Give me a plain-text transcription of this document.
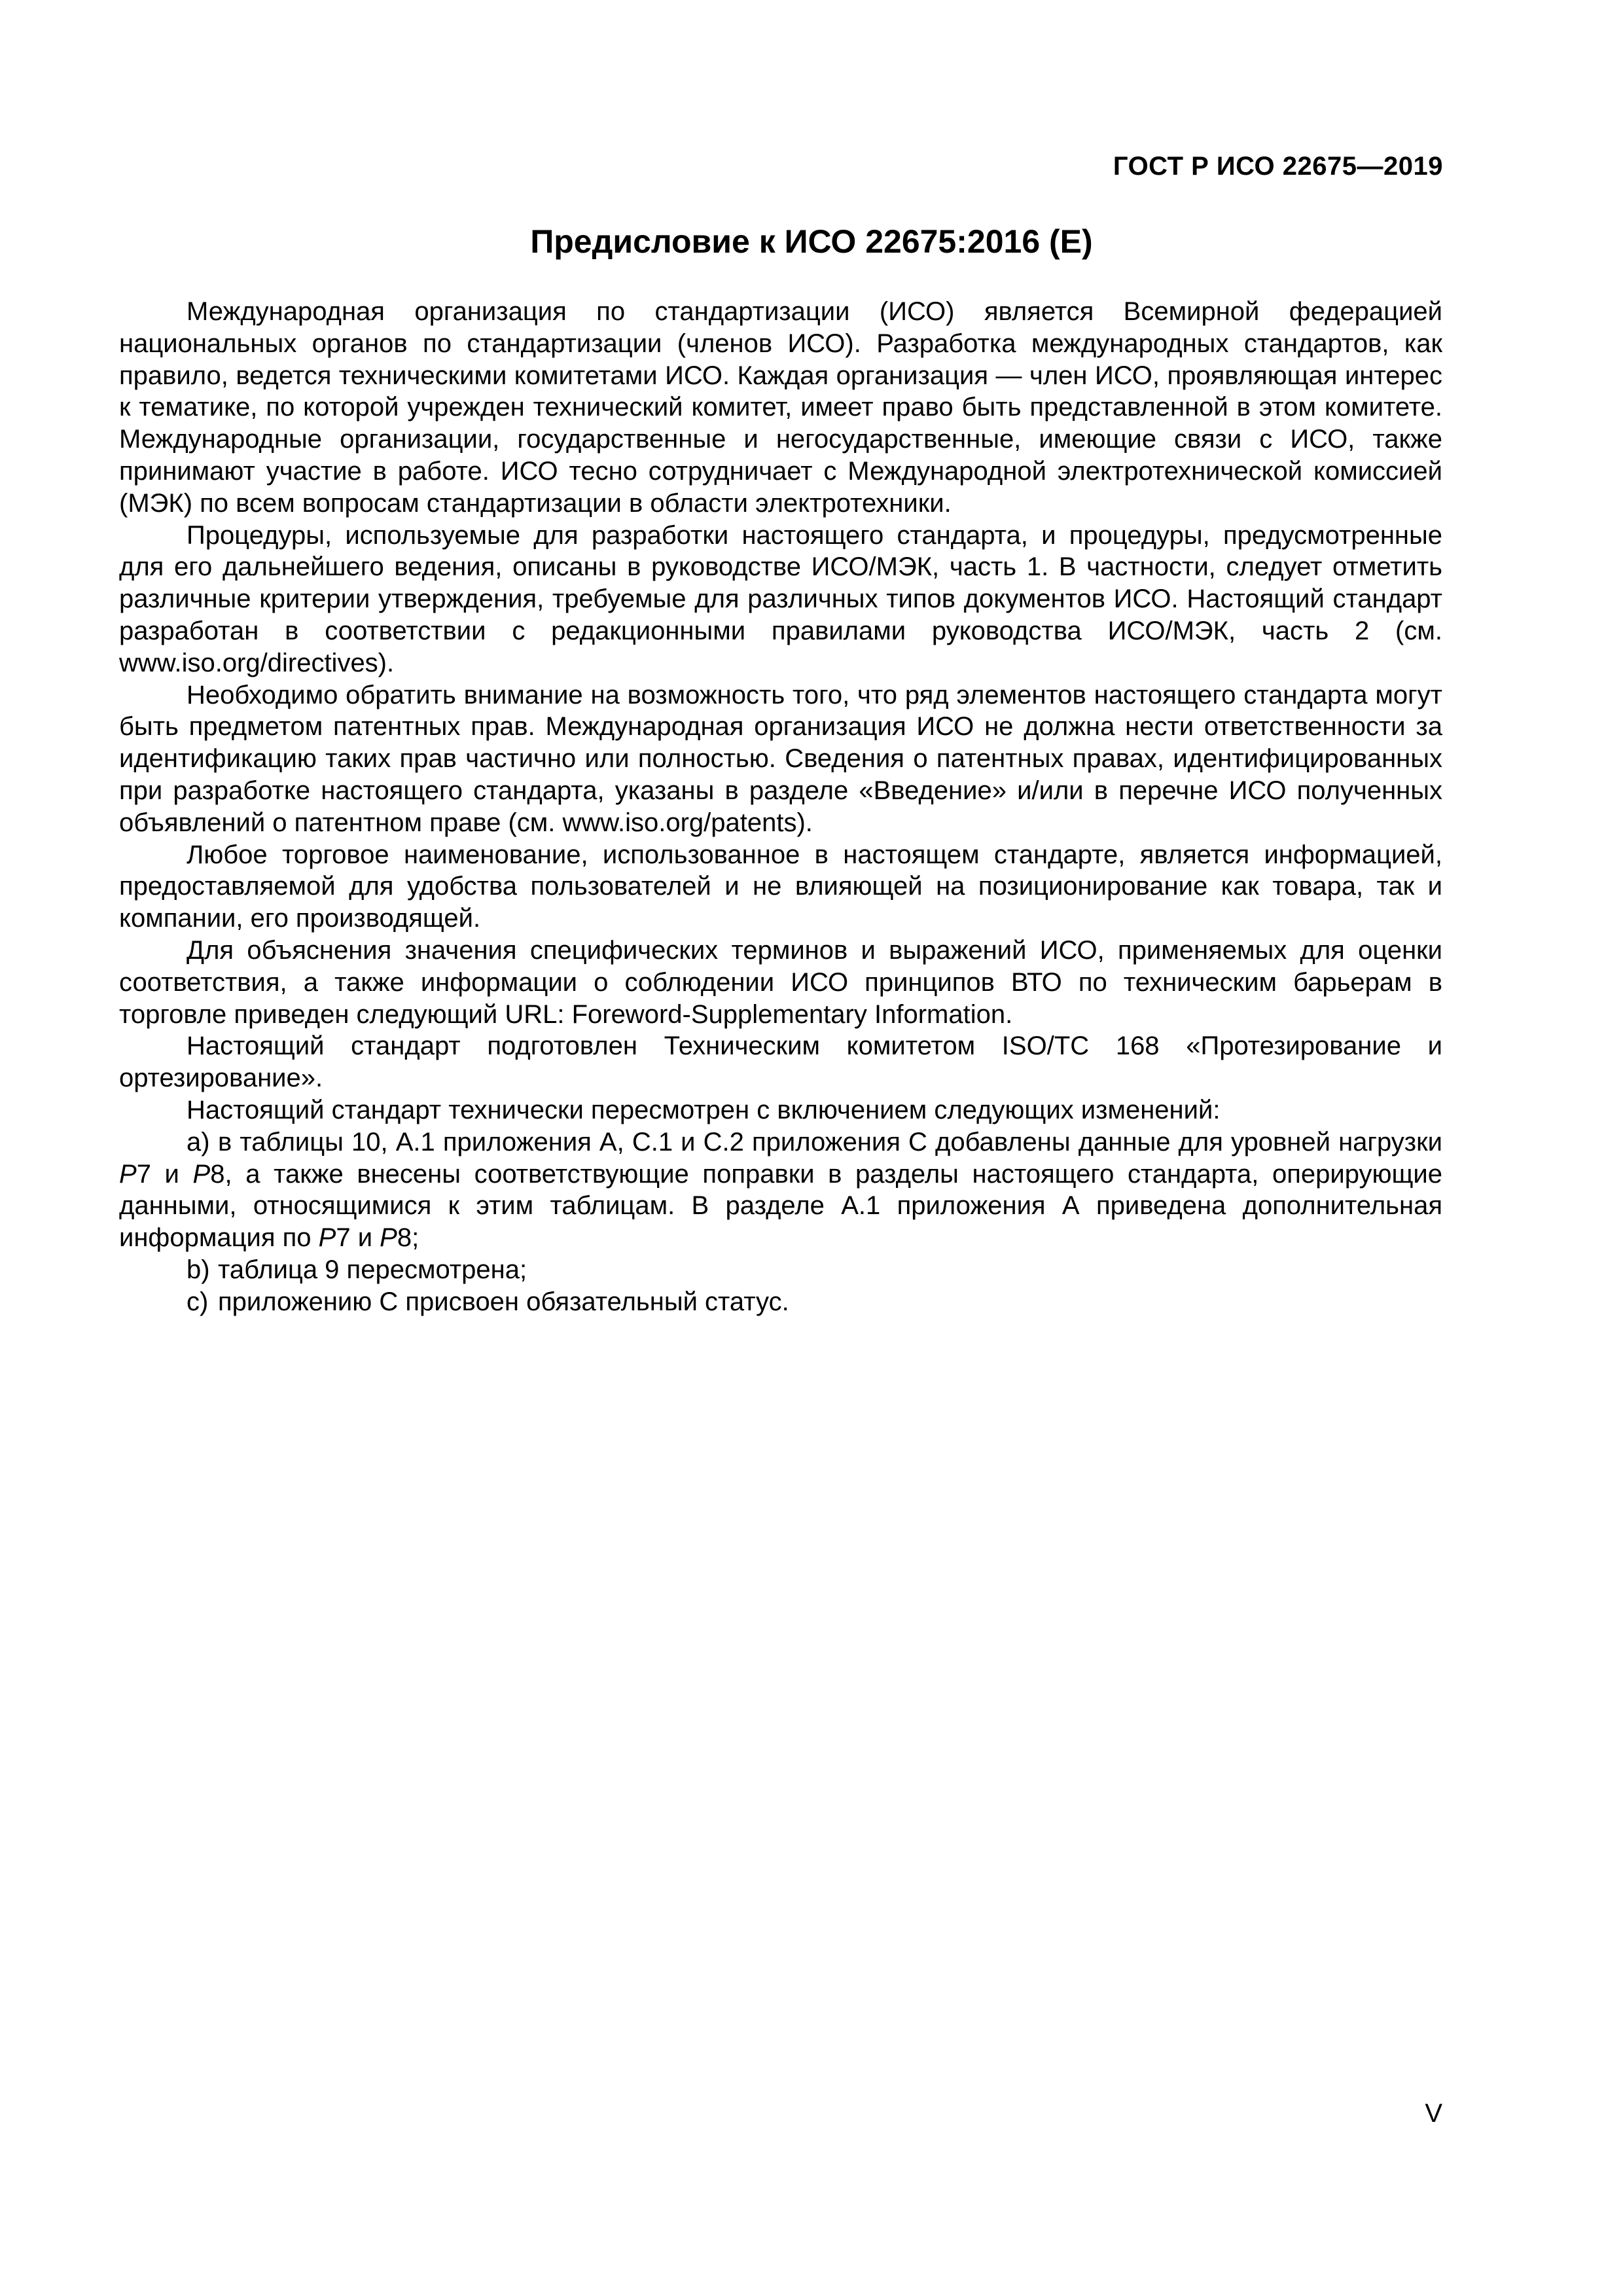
ГОСТ Р ИСО 22675—2019
Предисловие к ИСО 22675:2016 (E)

Международная организация по стандартизации (ИСО) является Всемирной федерацией национальных органов по стандартизации (членов ИСО). Разработка международных стандартов, как правило, ведется техническими комитетами ИСО. Каждая организация — член ИСО, проявляющая интерес к тематике, по которой учрежден технический комитет, имеет право быть представленной в этом комитете. Международные организации, государственные и негосударственные, имеющие связи с ИСО, также принимают участие в работе. ИСО тесно сотрудничает с Международной электротехнической комиссией (МЭК) по всем вопросам стандартизации в области электротехники.

Процедуры, используемые для разработки настоящего стандарта, и процедуры, предусмотренные для его дальнейшего ведения, описаны в руководстве ИСО/МЭК, часть 1. В частности, следует отметить различные критерии утверждения, требуемые для различных типов документов ИСО. Настоящий стандарт разработан в соответствии с редакционными правилами руководства ИСО/МЭК, часть 2 (см. www.iso.org/directives).

Необходимо обратить внимание на возможность того, что ряд элементов настоящего стандарта могут быть предметом патентных прав. Международная организация ИСО не должна нести ответственности за идентификацию таких прав частично или полностью. Сведения о патентных правах, идентифицированных при разработке настоящего стандарта, указаны в разделе «Введение» и/или в перечне ИСО полученных объявлений о патентном праве (см. www.iso.org/patents).

Любое торговое наименование, использованное в настоящем стандарте, является информацией, предоставляемой для удобства пользователей и не влияющей на позиционирование как товара, так и компании, его производящей.

Для объяснения значения специфических терминов и выражений ИСО, применяемых для оценки соответствия, а также информации о соблюдении ИСО принципов ВТО по техническим барьерам в торговле приведен следующий URL: Foreword-Supplementary Information.

Настоящий стандарт подготовлен Техническим комитетом ISO/TC 168 «Протезирование и ортезирование».

Настоящий стандарт технически пересмотрен с включением следующих изменений:

a) в таблицы 10, А.1 приложения А, С.1 и С.2 приложения С добавлены данные для уровней нагрузки P7 и P8, а также внесены соответствующие поправки в разделы настоящего стандарта, оперирующие данными, относящимися к этим таблицам. В разделе А.1 приложения А приведена дополнительная информация по P7 и P8;

b) таблица 9 пересмотрена;

c) приложению С присвоен обязательный статус.

V
